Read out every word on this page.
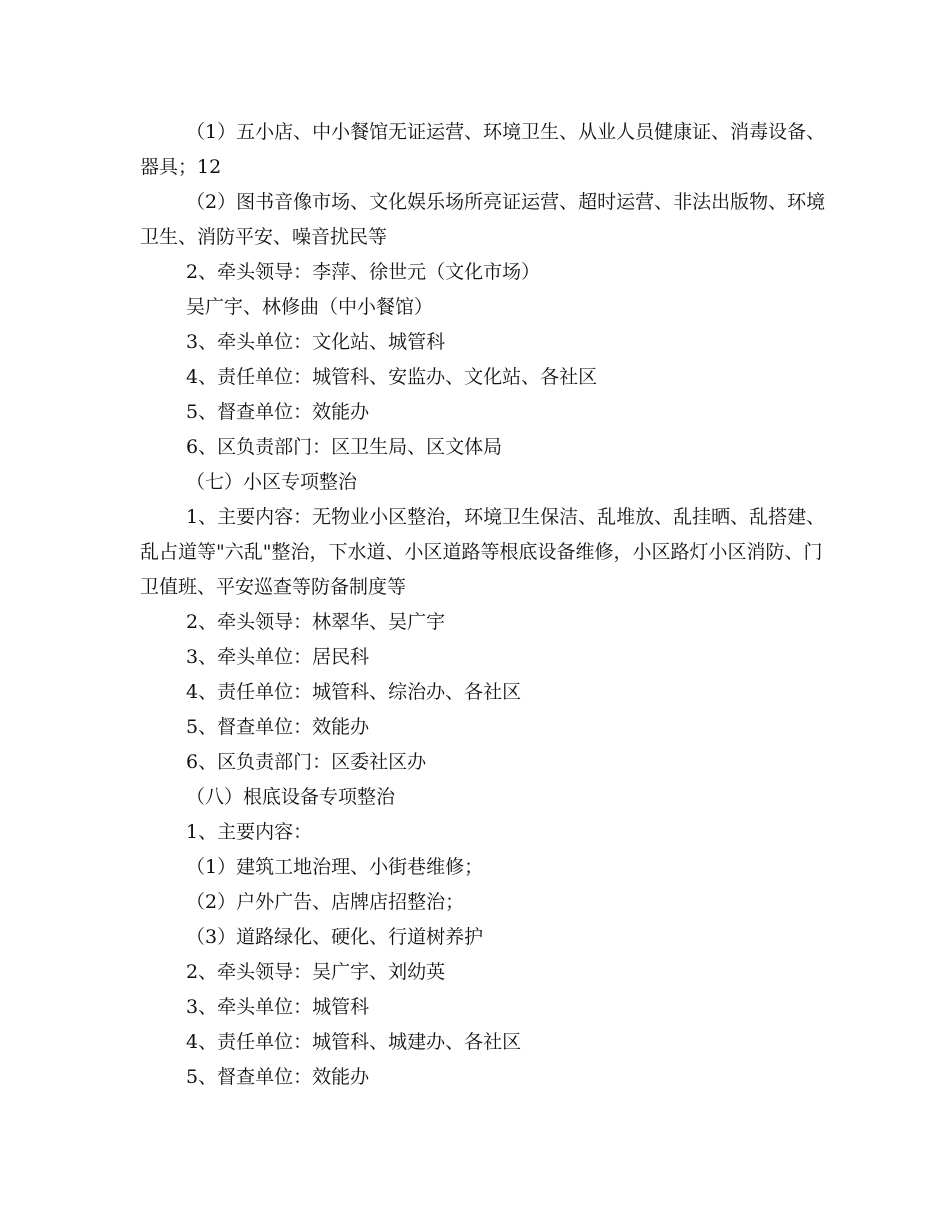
（1）五小店、中小餐馆无证运营、环境卫生、从业人员健康证、消毒设备、器具；12

（2）图书音像市场、文化娱乐场所亮证运营、超时运营、非法出版物、环境卫生、消防平安、噪音扰民等

2、牵头领导：李萍、徐世元（文化市场）

吴广宇、林修曲（中小餐馆）

3、牵头单位：文化站、城管科

4、责任单位：城管科、安监办、文化站、各社区

5、督查单位：效能办

6、区负责部门：区卫生局、区文体局

（七）小区专项整治

1、主要内容：无物业小区整治，环境卫生保洁、乱堆放、乱挂晒、乱搭建、乱占道等"六乱"整治，下水道、小区道路等根底设备维修，小区路灯小区消防、门卫值班、平安巡查等防备制度等

2、牵头领导：林翠华、吴广宇

3、牵头单位：居民科

4、责任单位：城管科、综治办、各社区

5、督查单位：效能办

6、区负责部门：区委社区办

（八）根底设备专项整治

1、主要内容：

（1）建筑工地治理、小街巷维修；

（2）户外广告、店牌店招整治；

（3）道路绿化、硬化、行道树养护

2、牵头领导：吴广宇、刘幼英

3、牵头单位：城管科

4、责任单位：城管科、城建办、各社区

5、督查单位：效能办
